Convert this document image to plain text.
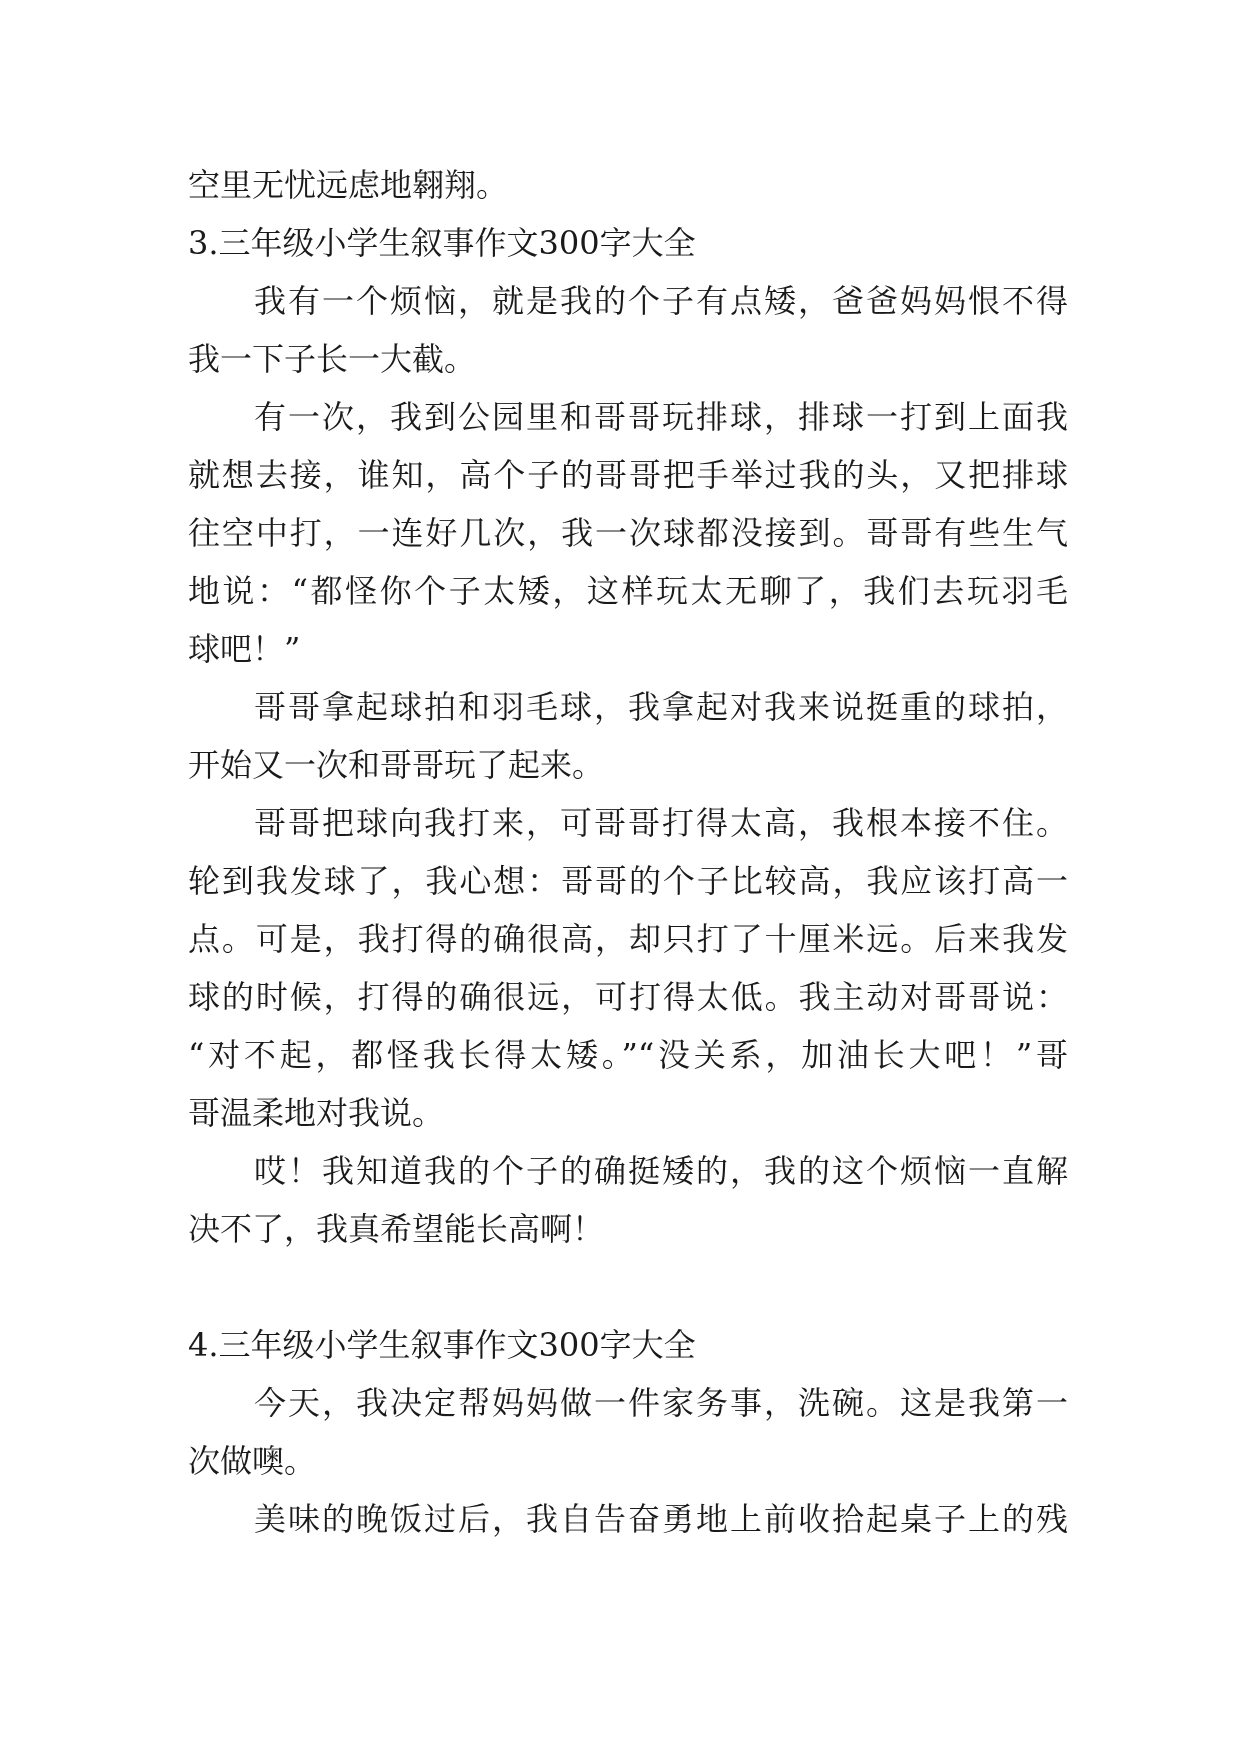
空里无忧远虑地翱翔。
3.三年级小学生叙事作文300字大全
我有一个烦恼，就是我的个子有点矮，爸爸妈妈恨不得
我一下子长一大截。
有一次，我到公园里和哥哥玩排球，排球一打到上面我
就想去接，谁知，高个子的哥哥把手举过我的头，又把排球
往空中打，一连好几次，我一次球都没接到。哥哥有些生气
地说：“都怪你个子太矮，这样玩太无聊了，我们去玩羽毛
球吧！”
哥哥拿起球拍和羽毛球，我拿起对我来说挺重的球拍，
开始又一次和哥哥玩了起来。
哥哥把球向我打来，可哥哥打得太高，我根本接不住。
轮到我发球了，我心想：哥哥的个子比较高，我应该打高一
点。可是，我打得的确很高，却只打了十厘米远。后来我发
球的时候，打得的确很远，可打得太低。我主动对哥哥说：
“对不起，都怪我长得太矮。”“没关系，加油长大吧！”哥
哥温柔地对我说。
哎！我知道我的个子的确挺矮的，我的这个烦恼一直解
决不了，我真希望能长高啊！
4.三年级小学生叙事作文300字大全
今天，我决定帮妈妈做一件家务事，洗碗。这是我第一
次做噢。
美味的晚饭过后，我自告奋勇地上前收拾起桌子上的残
